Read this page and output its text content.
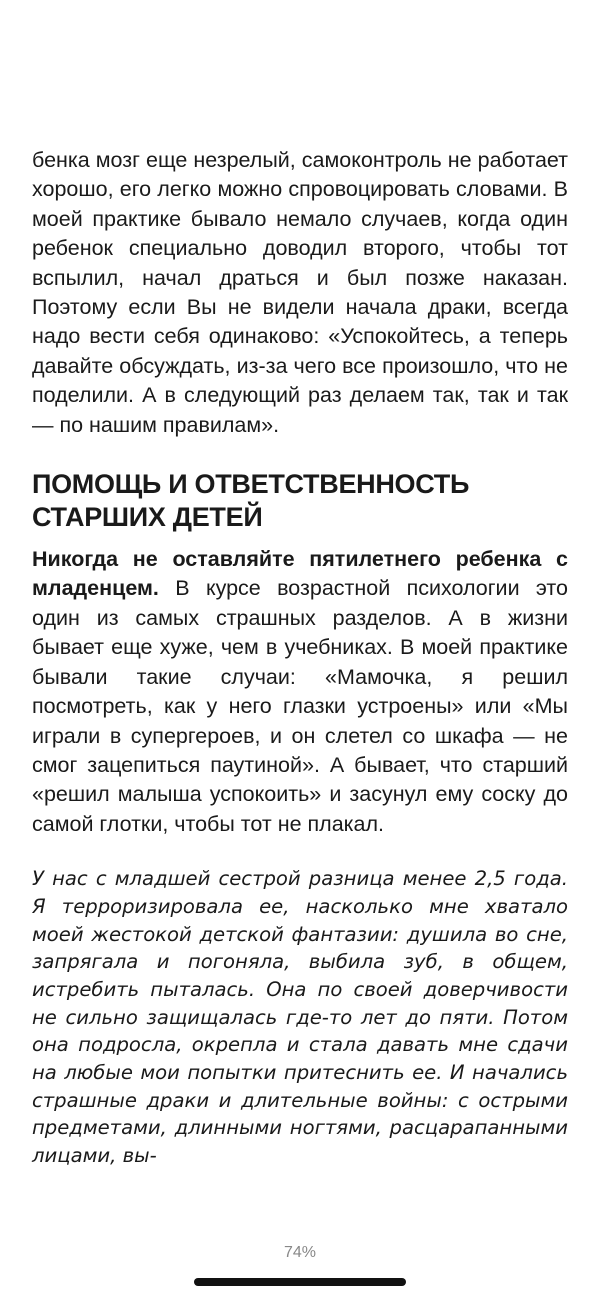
бенка мозг еще незрелый, самоконтроль не работает хорошо, его легко можно спровоцировать словами. В моей практике бывало немало случаев, когда один ребенок специально доводил второго, чтобы тот вспылил, начал драться и был позже наказан. Поэтому если Вы не видели начала драки, всегда надо вести себя одинаково: «Успокойтесь, а теперь давайте обсуждать, из-за чего все произошло, что не поделили. А в следующий раз делаем так, так и так — по нашим правилам».

ПОМОЩЬ И ОТВЕТСТВЕННОСТЬ СТАРШИХ ДЕТЕЙ

Никогда не оставляйте пятилетнего ребенка с младенцем. В курсе возрастной психологии это один из самых страшных разделов. А в жизни бывает еще хуже, чем в учебниках. В моей практике бывали такие случаи: «Мамочка, я решил посмотреть, как у него глазки устроены» или «Мы играли в супергероев, и он слетел со шкафа — не смог зацепиться паутиной». А бывает, что старший «решил малыша успокоить» и засунул ему соску до самой глотки, чтобы тот не плакал.

У нас с младшей сестрой разница менее 2,5 года. Я терроризировала ее, насколько мне хватало моей жестокой детской фантазии: душила во сне, запрягала и погоняла, выбила зуб, в общем, истребить пыталась. Она по своей доверчивости не сильно защищалась где-то лет до пяти. Потом она подросла, окрепла и стала давать мне сдачи на любые мои попытки притеснить ее. И начались страшные драки и длительные войны: с острыми предметами, длинными ногтями, расцарапанными лицами, вы-

74%
